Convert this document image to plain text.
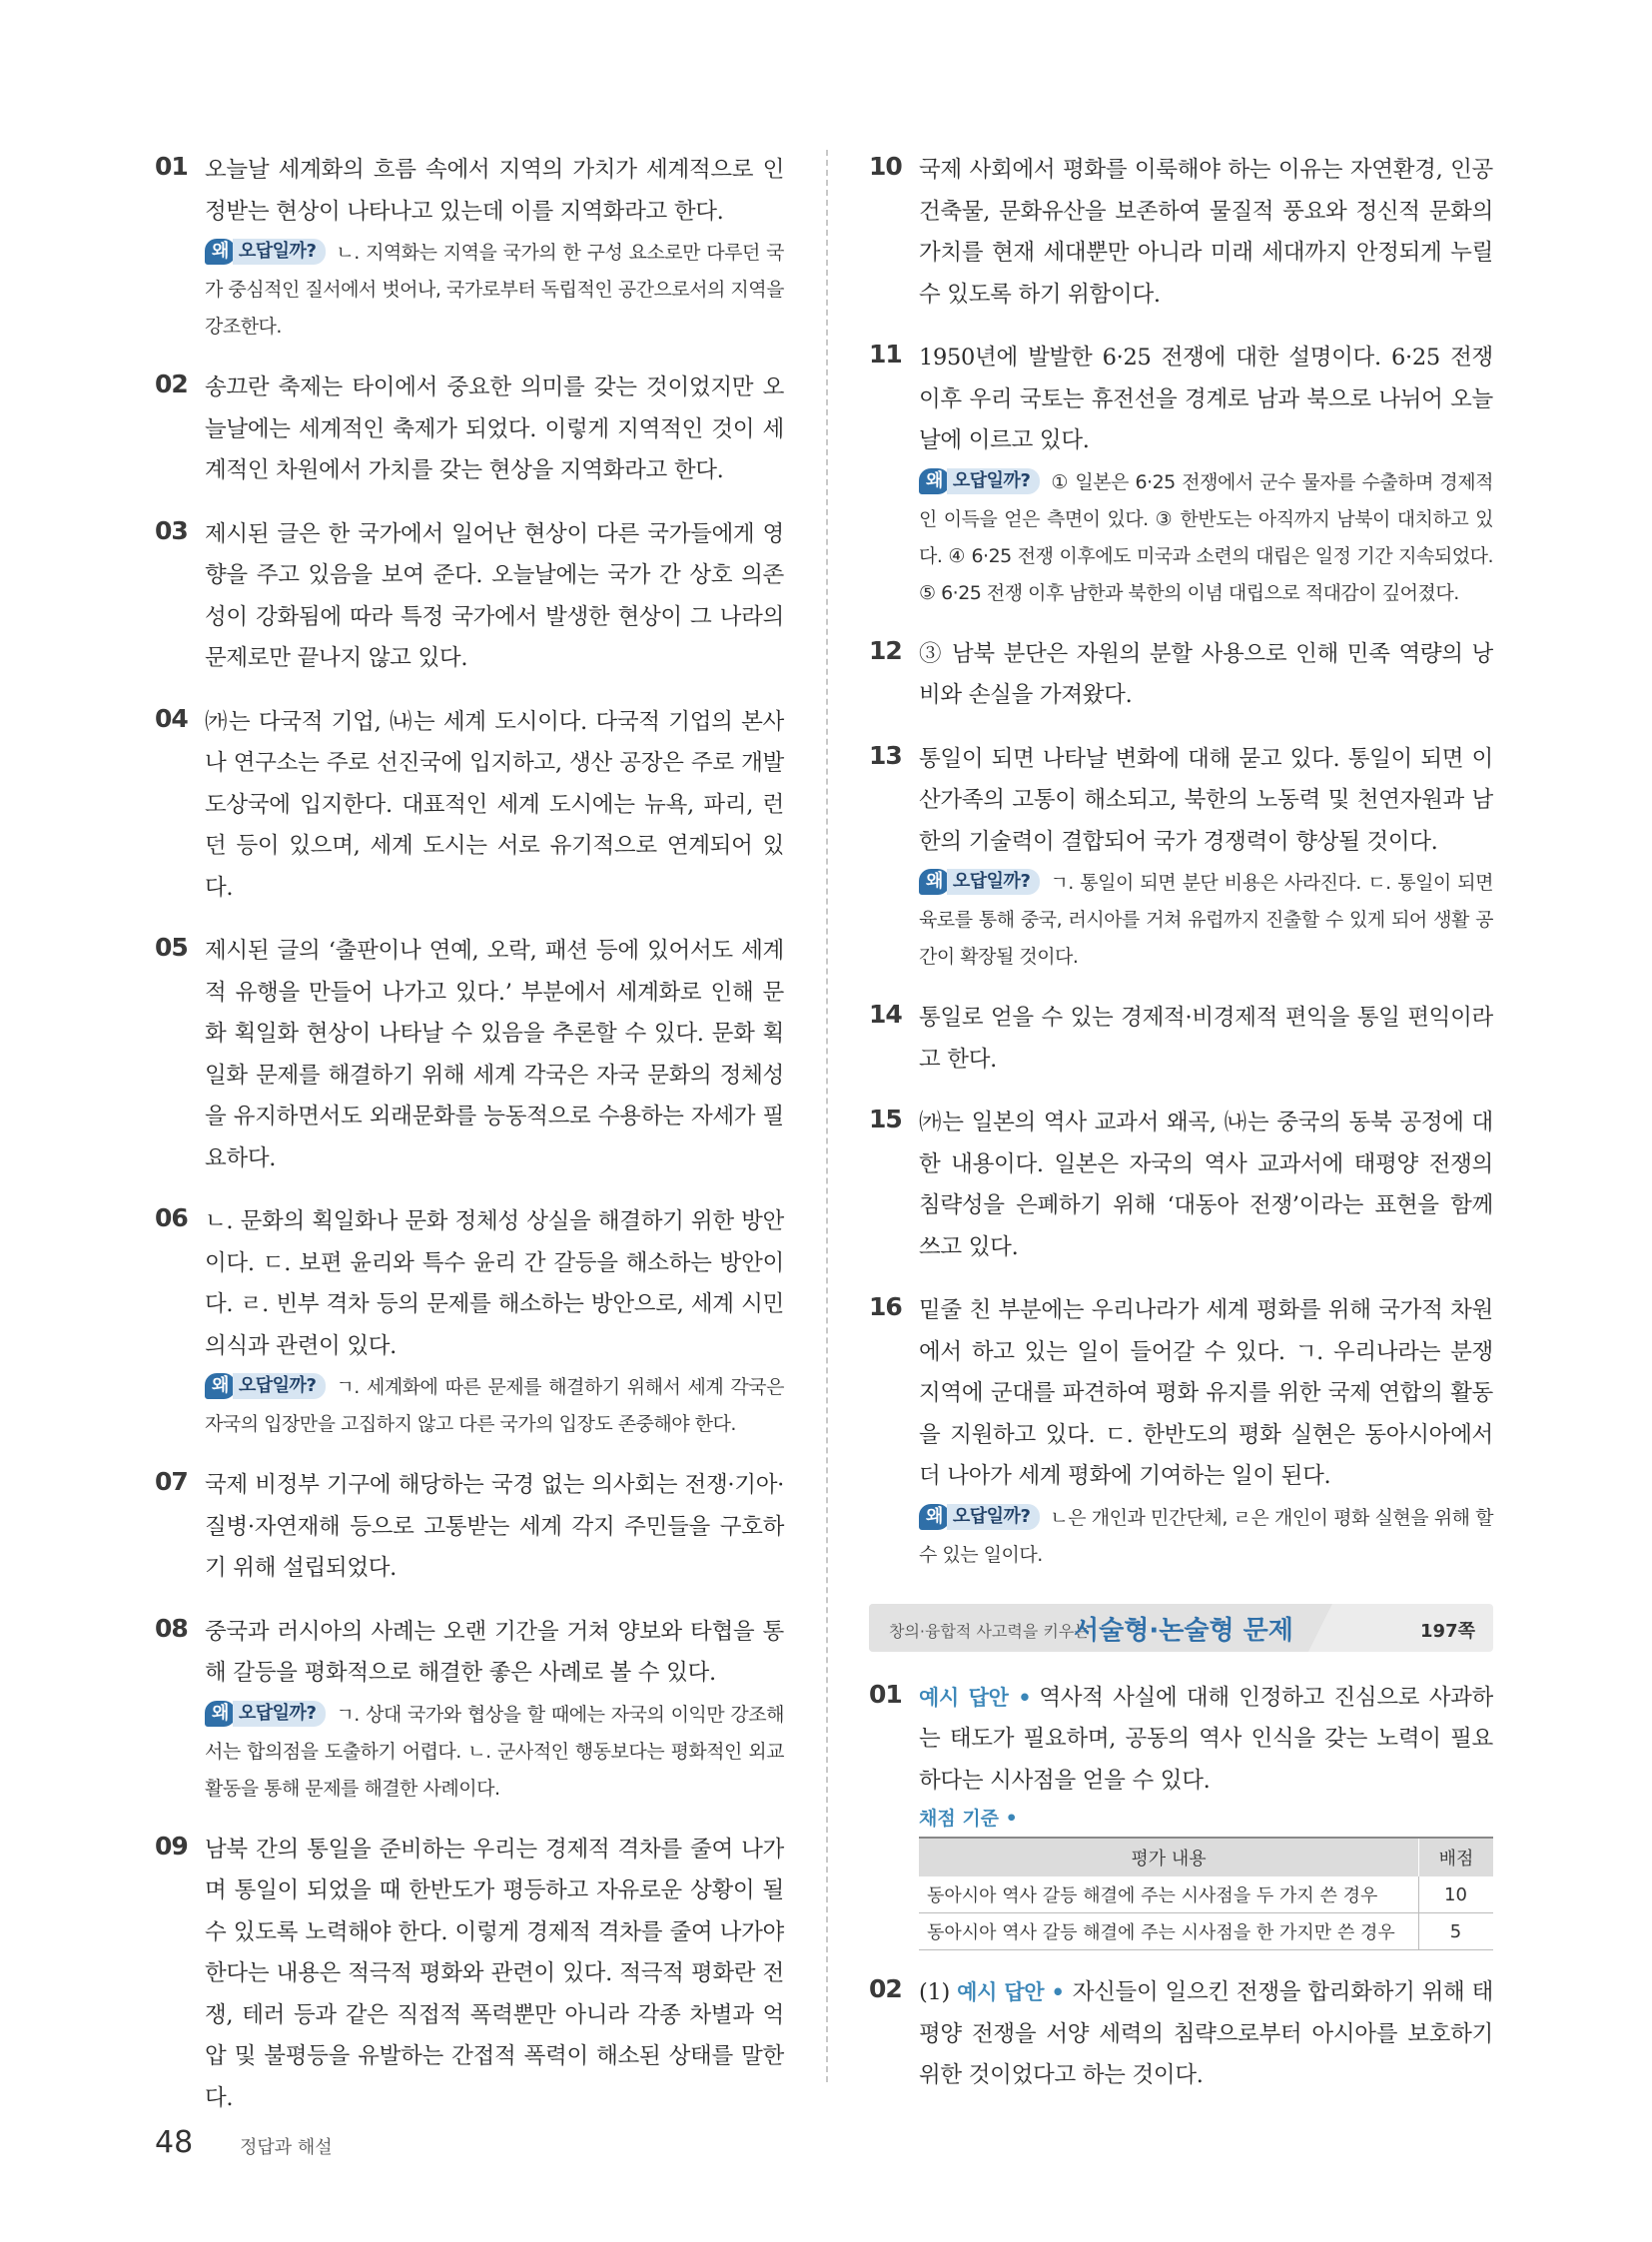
01 오늘날 세계화의 흐름 속에서 지역의 가치가 세계적으로 인정받는 현상이 나타나고 있는데 이를 지역화라고 한다.
왜 오답일까? ㄴ. 지역화는 지역을 국가의 한 구성 요소로만 다루던 국가 중심적인 질서에서 벗어나, 국가로부터 독립적인 공간으로서의 지역을 강조한다.
02 송끄란 축제는 타이에서 중요한 의미를 갖는 것이었지만 오늘날에는 세계적인 축제가 되었다. 이렇게 지역적인 것이 세계적인 차원에서 가치를 갖는 현상을 지역화라고 한다.
03 제시된 글은 한 국가에서 일어난 현상이 다른 국가들에게 영향을 주고 있음을 보여 준다. 오늘날에는 국가 간 상호 의존성이 강화됨에 따라 특정 국가에서 발생한 현상이 그 나라의 문제로만 끝나지 않고 있다.
04 ㈎는 다국적 기업, ㈏는 세계 도시이다. 다국적 기업의 본사나 연구소는 주로 선진국에 입지하고, 생산 공장은 주로 개발 도상국에 입지한다. 대표적인 세계 도시에는 뉴욕, 파리, 런던 등이 있으며, 세계 도시는 서로 유기적으로 연계되어 있다.
05 제시된 글의 ‘출판이나 연예, 오락, 패션 등에 있어서도 세계적 유행을 만들어 나가고 있다.’ 부분에서 세계화로 인해 문화 획일화 현상이 나타날 수 있음을 추론할 수 있다. 문화 획일화 문제를 해결하기 위해 세계 각국은 자국 문화의 정체성을 유지하면서도 외래문화를 능동적으로 수용하는 자세가 필요하다.
06 ㄴ. 문화의 획일화나 문화 정체성 상실을 해결하기 위한 방안이다. ㄷ. 보편 윤리와 특수 윤리 간 갈등을 해소하는 방안이다. ㄹ. 빈부 격차 등의 문제를 해소하는 방안으로, 세계 시민 의식과 관련이 있다.
왜 오답일까? ㄱ. 세계화에 따른 문제를 해결하기 위해서 세계 각국은 자국의 입장만을 고집하지 않고 다른 국가의 입장도 존중해야 한다.
07 국제 비정부 기구에 해당하는 국경 없는 의사회는 전쟁·기아·질병·자연재해 등으로 고통받는 세계 각지 주민들을 구호하기 위해 설립되었다.
08 중국과 러시아의 사례는 오랜 기간을 거쳐 양보와 타협을 통해 갈등을 평화적으로 해결한 좋은 사례로 볼 수 있다.
왜 오답일까? ㄱ. 상대 국가와 협상을 할 때에는 자국의 이익만 강조해서는 합의점을 도출하기 어렵다. ㄴ. 군사적인 행동보다는 평화적인 외교 활동을 통해 문제를 해결한 사례이다.
09 남북 간의 통일을 준비하는 우리는 경제적 격차를 줄여 나가며 통일이 되었을 때 한반도가 평등하고 자유로운 상황이 될 수 있도록 노력해야 한다. 이렇게 경제적 격차를 줄여 나가야 한다는 내용은 적극적 평화와 관련이 있다. 적극적 평화란 전쟁, 테러 등과 같은 직접적 폭력뿐만 아니라 각종 차별과 억압 및 불평등을 유발하는 간접적 폭력이 해소된 상태를 말한다.
10 국제 사회에서 평화를 이룩해야 하는 이유는 자연환경, 인공 건축물, 문화유산을 보존하여 물질적 풍요와 정신적 문화의 가치를 현재 세대뿐만 아니라 미래 세대까지 안정되게 누릴 수 있도록 하기 위함이다.
11 1950년에 발발한 6·25 전쟁에 대한 설명이다. 6·25 전쟁 이후 우리 국토는 휴전선을 경계로 남과 북으로 나뉘어 오늘날에 이르고 있다.
왜 오답일까? ① 일본은 6·25 전쟁에서 군수 물자를 수출하며 경제적인 이득을 얻은 측면이 있다. ③ 한반도는 아직까지 남북이 대치하고 있다. ④ 6·25 전쟁 이후에도 미국과 소련의 대립은 일정 기간 지속되었다. ⑤ 6·25 전쟁 이후 남한과 북한의 이념 대립으로 적대감이 깊어졌다.
12 ③ 남북 분단은 자원의 분할 사용으로 인해 민족 역량의 낭비와 손실을 가져왔다.
13 통일이 되면 나타날 변화에 대해 묻고 있다. 통일이 되면 이산가족의 고통이 해소되고, 북한의 노동력 및 천연자원과 남한의 기술력이 결합되어 국가 경쟁력이 향상될 것이다.
왜 오답일까? ㄱ. 통일이 되면 분단 비용은 사라진다. ㄷ. 통일이 되면 육로를 통해 중국, 러시아를 거쳐 유럽까지 진출할 수 있게 되어 생활 공간이 확장될 것이다.
14 통일로 얻을 수 있는 경제적·비경제적 편익을 통일 편익이라고 한다.
15 ㈎는 일본의 역사 교과서 왜곡, ㈏는 중국의 동북 공정에 대한 내용이다. 일본은 자국의 역사 교과서에 태평양 전쟁의 침략성을 은폐하기 위해 ‘대동아 전쟁’이라는 표현을 함께 쓰고 있다.
16 밑줄 친 부분에는 우리나라가 세계 평화를 위해 국가적 차원에서 하고 있는 일이 들어갈 수 있다. ㄱ. 우리나라는 분쟁 지역에 군대를 파견하여 평화 유지를 위한 국제 연합의 활동을 지원하고 있다. ㄷ. 한반도의 평화 실현은 동아시아에서 더 나아가 세계 평화에 기여하는 일이 된다.
왜 오답일까? ㄴ은 개인과 민간단체, ㄹ은 개인이 평화 실현을 위해 할 수 있는 일이다.
창의·융합적 사고력을 키우는
서술형·논술형 문제	197쪽
01 예시 답안 • 역사적 사실에 대해 인정하고 진심으로 사과하는 태도가 필요하며, 공동의 역사 인식을 갖는 노력이 필요하다는 시사점을 얻을 수 있다.
채점 기준 •
평가 내용	배점
동아시아 역사 갈등 해결에 주는 시사점을 두 가지 쓴 경우	10
동아시아 역사 갈등 해결에 주는 시사점을 한 가지만 쓴 경우	5
02 (1) 예시 답안 • 자신들이 일으킨 전쟁을 합리화하기 위해 태평양 전쟁을 서양 세력의 침략으로부터 아시아를 보호하기 위한 것이었다고 하는 것이다.
48	정답과 해설
